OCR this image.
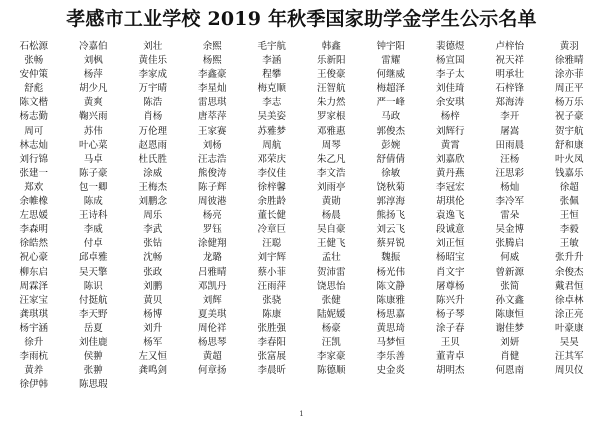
孝感市工业学校 2019 年秋季国家助学金学生公示名单
石松源	冷嘉伯	刘壮	余熙	毛宇航	韩鑫	钟宇阳	裴德煜	卢梓怡	黄羽
张畅	刘枫	黄佳乐	杨熙	李涵	乐新阳	雷耀	杨宣国	祝天祥	徐雅晴
安仲策	杨萍	李家成	李鑫豪	程攀	王俊豪	何继威	李子太	明承壮	涂亦菲
舒彪	胡少凡	万宇晴	李星灿	梅克顺	汪智航	梅超泽	刘佳琦	石梓锋	周正平
陈文楷	黄爽	陈浩	雷思琪	李志	朱力然	严一峰	余安琪	郑海涛	杨万乐
杨志勤	鞠兴雨	肖杨	唐萃萍	吴美姿	罗家根	马政	杨梓	李开	祝子豪
周可	苏伟	万伦理	王家赛	苏雅梦	邓雅惠	郭俊杰	刘辉行	屠嵩	贺宇航
林志灿	叶心菜	赵恩雨	刘杨	周航	周琴	彭婉	黄霄	田雨晨	舒和康
刘行锦	马卓	杜氏胜	汪志浩	邓荣庆	朱乙凡	舒倩倩	刘嘉欣	汪杨	叶火凤
张建一	陈子豪	涂威	熊俊涛	李仪佳	李文浩	徐敏	黄丹燕	汪思彩	钱嘉乐
郑欢	包一卿	王梅杰	陈子辉	徐梓馨	刘雨亭	饶秋菊	李冠宏	杨灿	徐超
余帷橡	陈成	刘鹏念	周彼港	余胜龄	黄勋	郭淳海	胡琪伦	李冷军	张佩
左思媛	王诗科	周乐	杨亮	董长健	杨晨	熊扬飞	袁逸飞	雷朵	王恒
李森明	李威	李武	罗钰	冷章巨	吴自豪	刘云飞	段诚意	吴金博	李毅
徐皓然	付卓	张钻	涂健翔	汪聪	王健飞	蔡昇锐	刘正恒	张腾启	王敏
祝心豪	邱卓雅	沈畅	龙璐	刘宇辉	孟壮	魏振	杨昭宝	何威	张升升
柳东启	吴天擎	张政	吕雅晴	蔡小菲	贺沛雷	杨光伟	肖文宇	曾新源	余俊杰
周霖泽	陈识	刘鹏	邓凯丹	汪雨萍	饶思怡	陈文静	屠尊杨	张简	戴君恒
汪家宝	付挺航	黄贝	刘辉	张骁	张健	陈康雅	陈兴升	孙文鑫	徐卓林
龚琪琪	李天野	杨博	夏美琪	陈康	陆妮媛	杨思嘉	杨子琴	陈康恒	涂正亮
杨宇涵	岳夏	刘升	周伦祥	张胜强	杨豪	黄思琦	涂子春	谢佳梦	叶豪康
徐升	刘佳鹿	杨军	杨思琴	李春阳	汪凯	马梦恒	王贝	刘妍	吴昊
李雨杭	侯翀	左又恒	黄超	张富展	李家豪	李乐善	董青卓	肖健	汪其军
黄养	张翀	龚鸣剑	何章扬	李晨昕	陈德顺	史金炎	胡明杰	何恩南	周贝仪
徐伊韩	陈思瑕
1
